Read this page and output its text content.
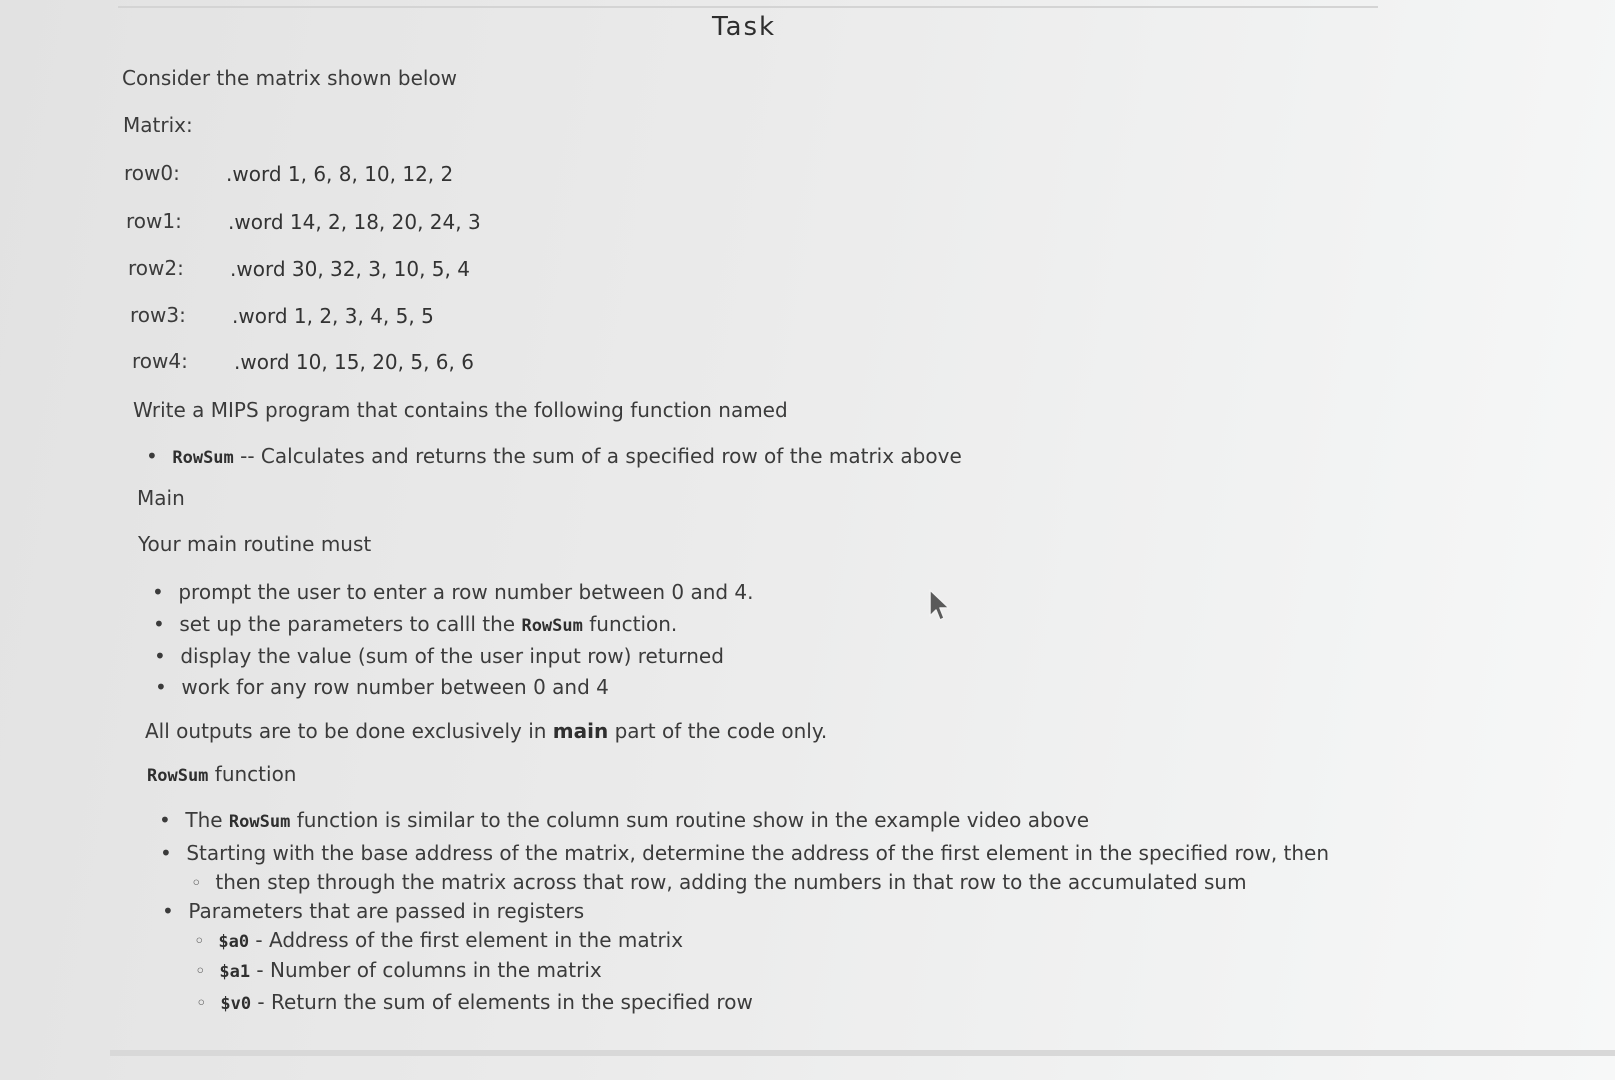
Task
Consider the matrix shown below
Matrix:
row0: .word 1, 6, 8, 10, 12, 2
row1: .word 14, 2, 18, 20, 24, 3
row2: .word 30, 32, 3, 10, 5, 4
row3: .word 1, 2, 3, 4, 5, 5
row4: .word 10, 15, 20, 5, 6, 6
Write a MIPS program that contains the following function named
• RowSum -- Calculates and returns the sum of a specified row of the matrix above
Main
Your main routine must
• prompt the user to enter a row number between 0 and 4.
• set up the parameters to calll the RowSum function.
• display the value (sum of the user input row) returned
• work for any row number between 0 and 4
All outputs are to be done exclusively in main part of the code only.
RowSum function
• The RowSum function is similar to the column sum routine show in the example video above
• Starting with the base address of the matrix, determine the address of the first element in the specified row, then
◦ then step through the matrix across that row, adding the numbers in that row to the accumulated sum
• Parameters that are passed in registers
◦ $a0 - Address of the first element in the matrix
◦ $a1 - Number of columns in the matrix
◦ $v0 - Return the sum of elements in the specified row
